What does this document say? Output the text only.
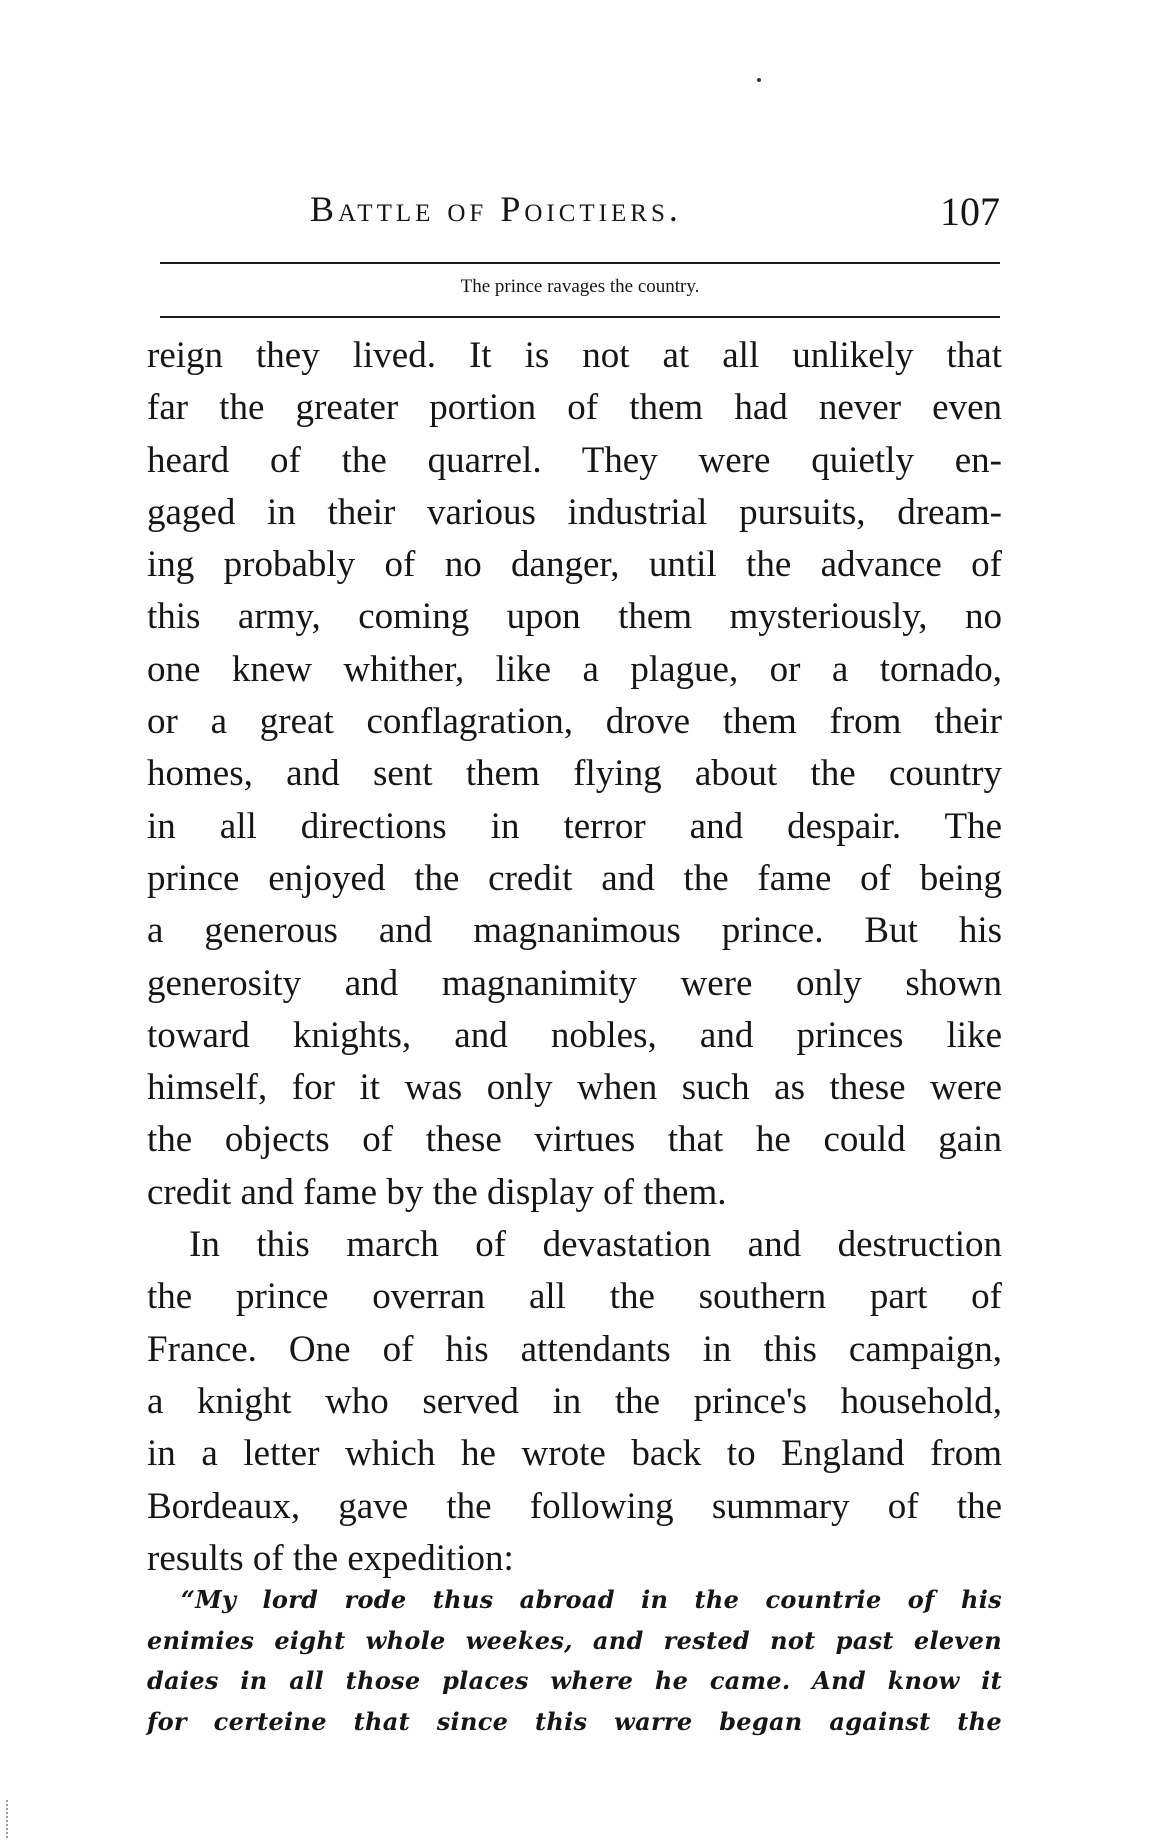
Battle of Poictiers.	107
The prince ravages the country.
reign they lived. It is not at all unlikely that
far the greater portion of them had never even
heard of the quarrel. They were quietly en-
gaged in their various industrial pursuits, dream-
ing probably of no danger, until the advance of
this army, coming upon them mysteriously, no
one knew whither, like a plague, or a tornado,
or a great conflagration, drove them from their
homes, and sent them flying about the country
in all directions in terror and despair. The
prince enjoyed the credit and the fame of being
a generous and magnanimous prince. But his
generosity and magnanimity were only shown
toward knights, and nobles, and princes like
himself, for it was only when such as these were
the objects of these virtues that he could gain
credit and fame by the display of them.
In this march of devastation and destruction
the prince overran all the southern part of
France. One of his attendants in this campaign,
a knight who served in the prince's household,
in a letter which he wrote back to England from
Bordeaux, gave the following summary of the
results of the expedition:
“My lord rode thus abroad in the countrie of his
enimies eight whole weekes, and rested not past eleven
daies in all those places where he came. And know it
for certeine that since this warre began against the
